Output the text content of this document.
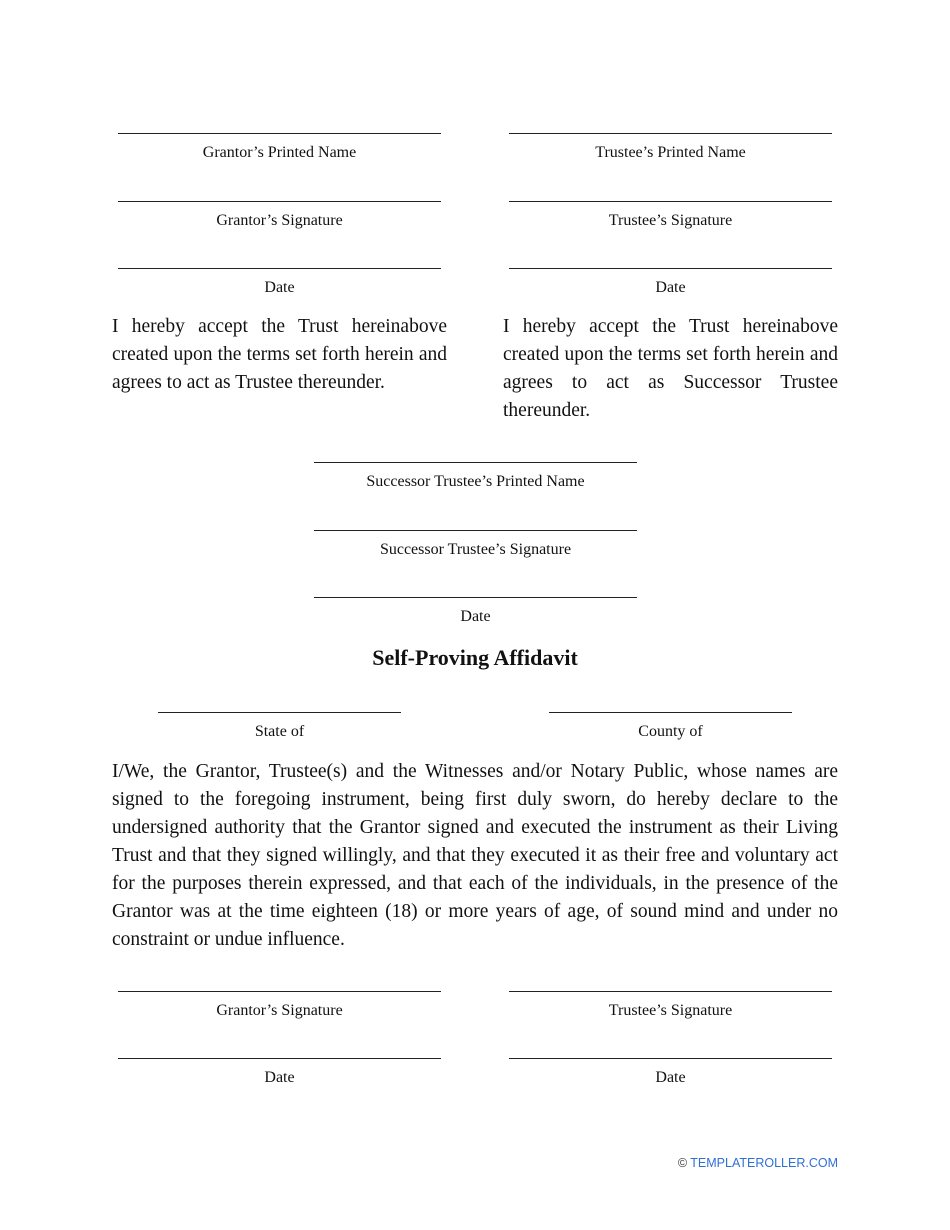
Grantor’s Printed Name	Trustee’s Printed Name
Grantor’s Signature	Trustee’s Signature
Date	Date

I hereby accept the Trust hereinabove created upon the terms set forth herein and agrees to act as Trustee thereunder.

I hereby accept the Trust hereinabove created upon the terms set forth herein and agrees to act as Successor Trustee thereunder.

Successor Trustee’s Printed Name
Successor Trustee’s Signature
Date
Self-Proving Affidavit
State of	County of

I/We, the Grantor, Trustee(s) and the Witnesses and/or Notary Public, whose names are signed to the foregoing instrument, being first duly sworn, do hereby declare to the undersigned authority that the Grantor signed and executed the instrument as their Living Trust and that they signed willingly, and that they executed it as their free and voluntary act for the purposes therein expressed, and that each of the individuals, in the presence of the Grantor was at the time eighteen (18) or more years of age, of sound mind and under no constraint or undue influence.

Grantor’s Signature	Trustee’s Signature
Date	Date
© TEMPLATEROLLER.COM
